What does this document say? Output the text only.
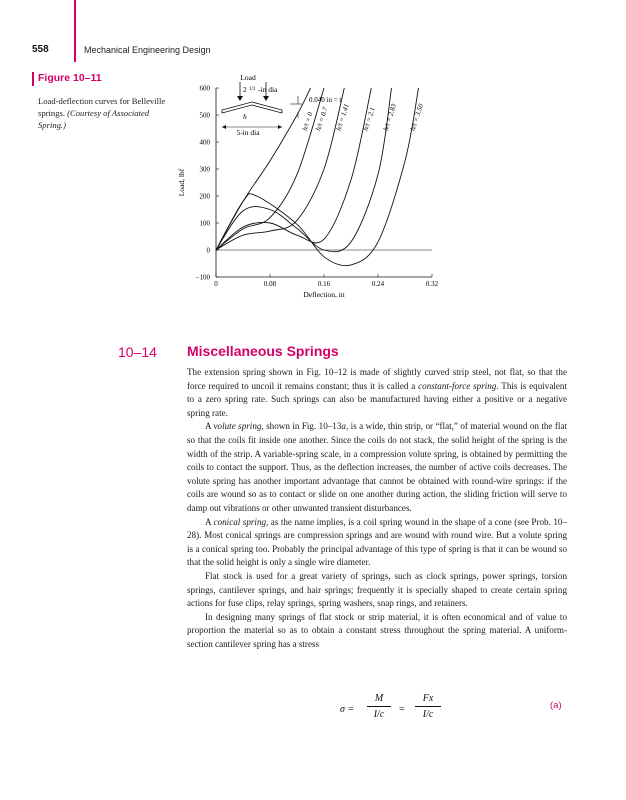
558	Mechanical Engineering Design
Figure 10–11
Load-deflection curves for Belleville springs. (Courtesy of Associated Spring.)
−100
0
100
200
300
400
500
600
0	0.08	0.16	0.24	0.32
Deflection, in
Load, lbf
h/t = 0 h/t = 0.7 h/t = 1.41 h/t = 2.1 h/t = 2.83 h/t = 3.50
Load
2 1/2 -in dia
0.040 in = t
h
5-in dia
10–14 Miscellaneous Springs

The extension spring shown in Fig. 10–12 is made of slightly curved strip steel, not flat, so that the force required to uncoil it remains constant; thus it is called a constant-force spring. This is equivalent to a zero spring rate. Such springs can also be manufactured having either a positive or a negative spring rate.

A volute spring, shown in Fig. 10–13a, is a wide, thin strip, or “flat,” of material wound on the flat so that the coils fit inside one another. Since the coils do not stack, the solid height of the spring is the width of the strip. A variable-spring scale, in a compression volute spring, is obtained by permitting the coils to contact the support. Thus, as the deflection increases, the number of active coils decreases. The volute spring has another important advantage that cannot be obtained with round-wire springs: if the coils are wound so as to contact or slide on one another during action, the sliding friction will serve to damp out vibrations or other unwanted transient disturbances.

A conical spring, as the name implies, is a coil spring wound in the shape of a cone (see Prob. 10–28). Most conical springs are compression springs and are wound with round wire. But a volute spring is a conical spring too. Probably the principal advantage of this type of spring is that it can be wound so that the solid height is only a single wire diameter.

Flat stock is used for a great variety of springs, such as clock springs, power springs, torsion springs, cantilever springs, and hair springs; frequently it is specially shaped to create certain spring actions for fuse clips, relay springs, spring washers, snap rings, and retainers.

In designing many springs of flat stock or strip material, it is often economical and of value to proportion the material so as to obtain a constant stress throughout the spring material. A uniform-section cantilever spring has a stress

σ =
M
I/c	=
Fx
I/c
(a)
